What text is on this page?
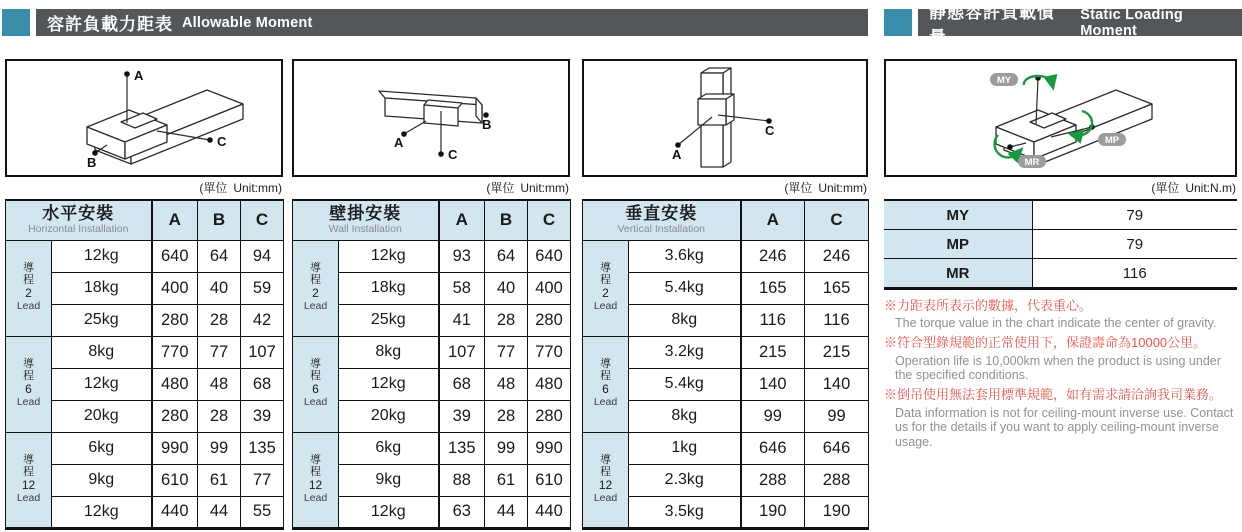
容許負載力距表 Allowable Moment
靜態容許負載慣量
Static Loading Moment
A
C
B
(單位 Unit:mm)
水平安裝
Horizontal Installation		A	B	C

導
程
2
Lead	12kg	640	64	94
	18kg	400	40	59
	25kg	280	28	42

導
程
6
Lead	8kg	770	77	107
	12kg	480	48	68
	20kg	280	28	39

導
程
12
Lead	6kg	990	99	135
	9kg	610	61	77
	12kg	440	44	55
A
C
B
(單位 Unit:mm)
壁掛安裝
Wall Installation		A	B	C

導
程
2
Lead	12kg	93	64	640
	18kg	58	40	400
	25kg	41	28	280

導
程
6
Lead	8kg	107	77	770
	12kg	68	48	480
	20kg	39	28	280

導
程
12
Lead	6kg	135	99	990
	9kg	88	61	610
	12kg	63	44	440
A
C
(單位 Unit:mm)
垂直安裝
Vertical Installation		A	C

導
程
2
Lead	3.6kg	246	246
	5.4kg	165	165
	8kg	116	116

導
程
6
Lead	3.2kg	215	215
	5.4kg	140	140
	8kg	99	99

導
程
12
Lead	1kg	646	646
	2.3kg	288	288
	3.5kg	190	190
MY
MP
MR
(單位 Unit:N.m)
MY	79
MP	79
MR	116
※力距表所表示的數據，代表重心。
The torque value in the chart indicate the center of gravity.
※符合型錄規範的正常使用下，保證壽命為10000公里。
Operation life is 10,000km when the product is using under the specified conditions.
※倒吊使用無法套用標準規範，如有需求請洽詢我司業務。
Data information is not for ceiling-mount inverse use. Contact us for the details if you want to apply ceiling-mount inverse usage.
